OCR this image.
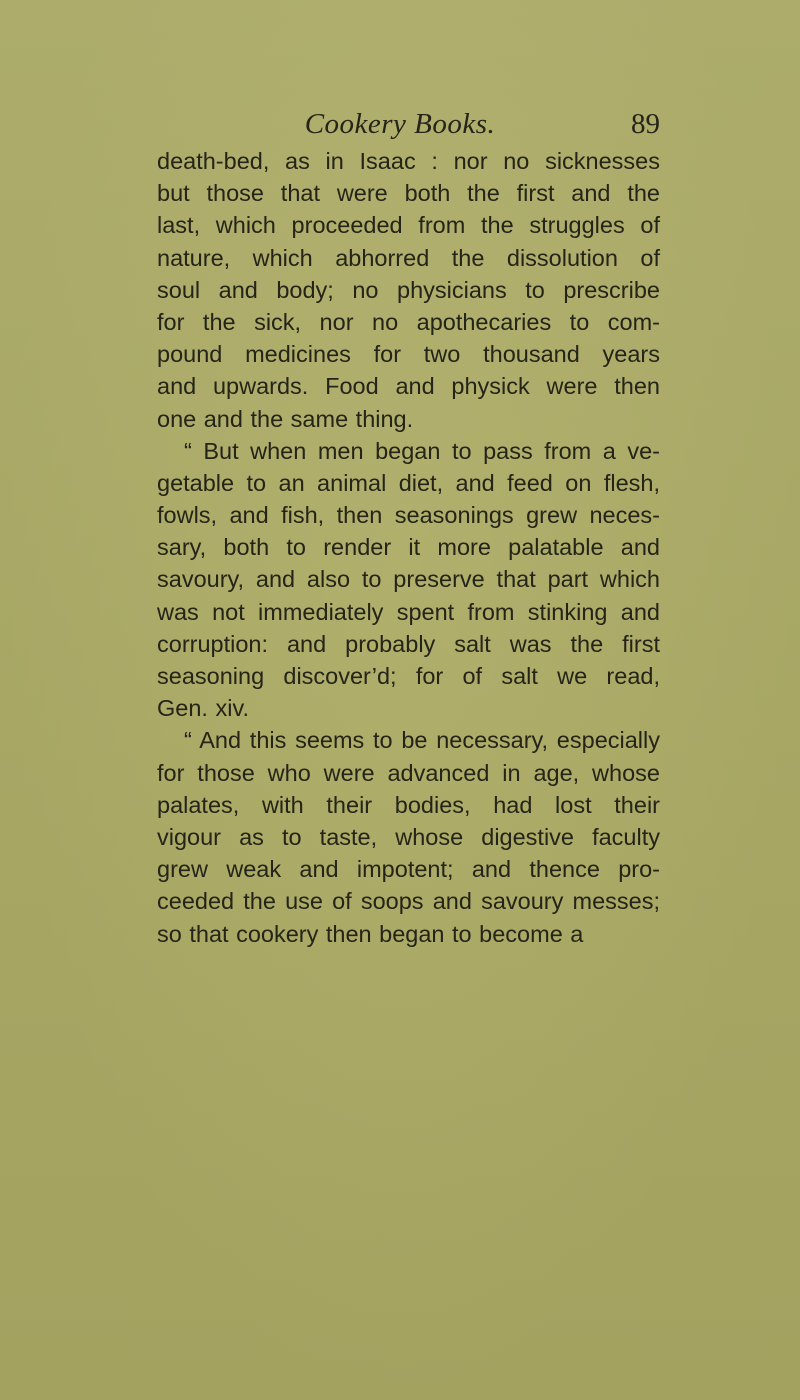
Cookery Books.	89
death-bed, as in Isaac : nor no sicknesses
but those that were both the first and the
last, which proceeded from the struggles of
nature, which abhorred the dissolution of
soul and body; no physicians to prescribe
for the sick, nor no apothecaries to com-
pound medicines for two thousand years
and upwards. Food and physick were then
one and the same thing.
“ But when men began to pass from a ve-
getable to an animal diet, and feed on flesh,
fowls, and fish, then seasonings grew neces-
sary, both to render it more palatable and
savoury, and also to preserve that part which
was not immediately spent from stinking and
corruption: and probably salt was the first
seasoning discover’d; for of salt we read,
Gen. xiv.
“ And this seems to be necessary, especially
for those who were advanced in age, whose
palates, with their bodies, had lost their
vigour as to taste, whose digestive faculty
grew weak and impotent; and thence pro-
ceeded the use of soops and savoury messes;
so that cookery then began to become a
